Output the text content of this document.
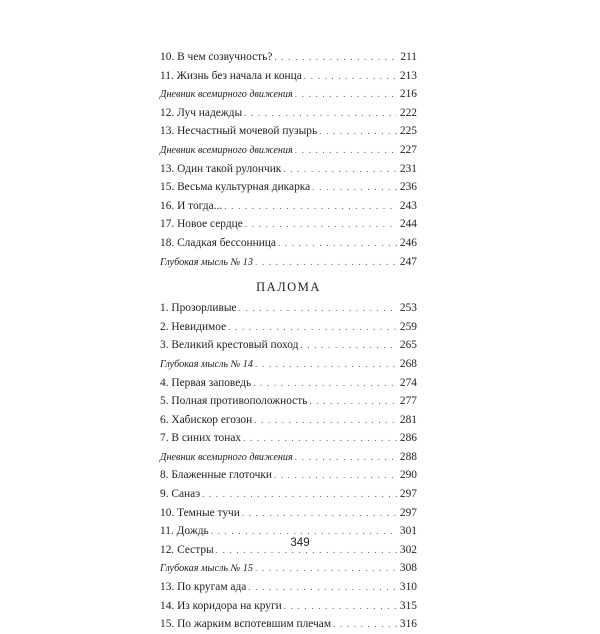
10. В чем созвучность? . . .	211
11. Жизнь без начала и конца . . .	213
Дневник всемирного движения . . .	216
12. Луч надежды . . .	222
13. Несчастный мочевой пузырь . . .	225
Дневник всемирного движения . . .	227
13. Один такой рулончик . . .	231
15. Весьма культурная дикарка . . .	236
16. И тогда... . . .	243
17. Новое сердце . . .	244
18. Сладкая бессонница . . .	246
Глубокая мысль № 13 . . .	247
ПАЛОМА
1. Прозорливые . . .	253
2. Невидимое . . .	259
3. Великий крестовый поход . . .	265
Глубокая мысль № 14 . . .	268
4. Первая заповедь . . .	274
5. Полная противоположность . . .	277
6. Хабискор егозон . . .	281
7. В синих тонах . . .	286
Дневник всемирного движения . . .	288
8. Блаженные глоточки . . .	290
9. Санаэ . . .	297
10. Темные тучи . . .	297
11. Дождь . . .	301
12. Сестры . . .	302
Глубокая мысль № 15 . . .	308
13. По кругам ада . . .	310
14. Из коридора на круги . . .	315
15. По жарким вспотевшим плечам . . .	316
349
